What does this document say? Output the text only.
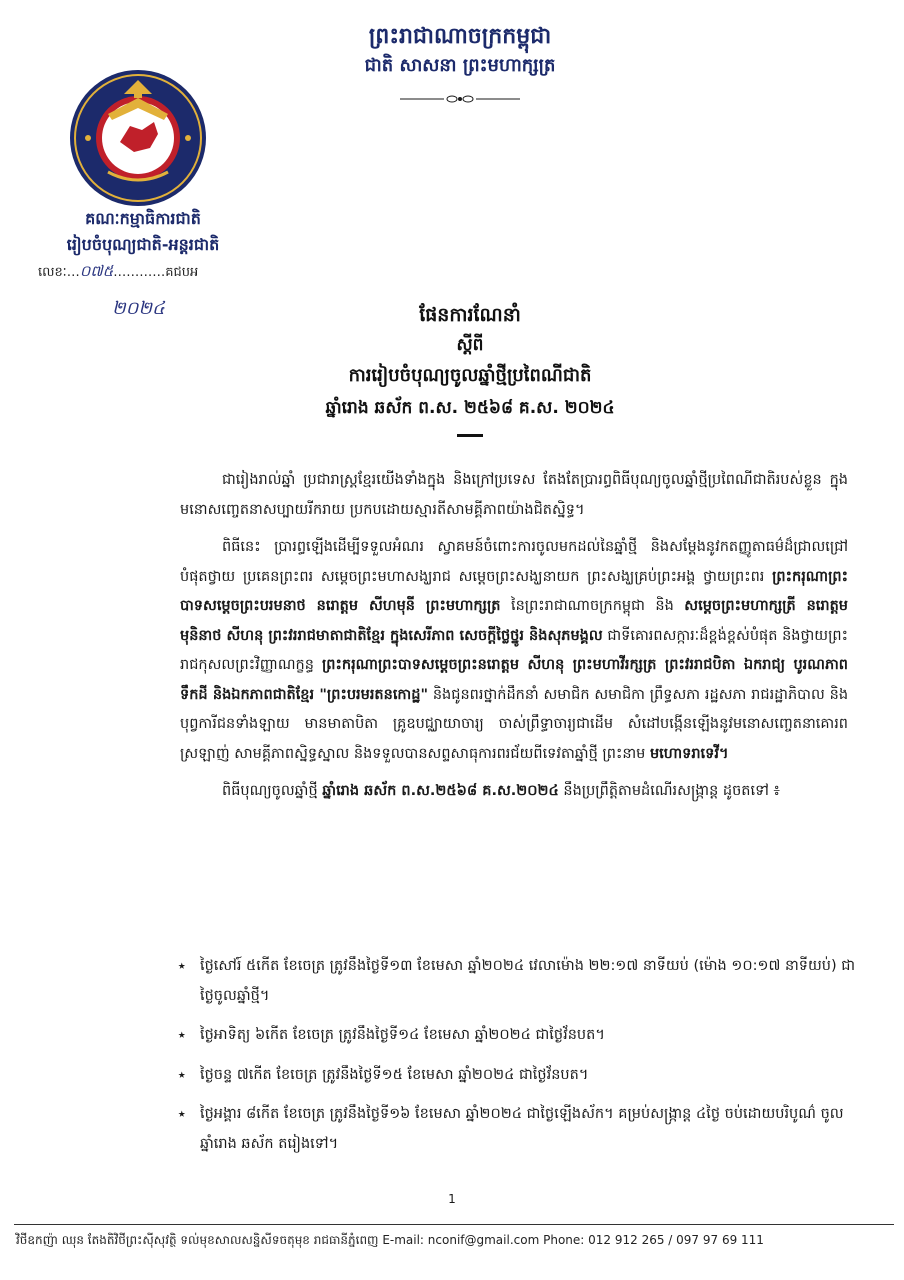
ព្រះរាជាណាចក្រកម្ពុជា
ជាតិ សាសនា ព្រះមហាក្សត្រ
គណៈកម្មាធិការជាតិ
រៀបចំបុណ្យជាតិ-អន្តរជាតិ
លេខៈ…០៧៥…………គជបអ
២០២៤	ផែនការណែនាំ
ស្តីពី
ការរៀបចំបុណ្យចូលឆ្នាំថ្មីប្រពៃណីជាតិ
ឆ្នាំរោង ឆស័ក ព.ស. ២៥៦៨ គ.ស. ២០២៤

ជារៀងរាល់ឆ្នាំ ប្រជារាស្ត្រខ្មែរយើងទាំងក្នុង និងក្រៅប្រទេស តែងតែប្រារព្ធពិធីបុណ្យចូលឆ្នាំថ្មីប្រពៃណីជាតិរបស់ខ្លួន ក្នុងមនោសញ្ចេតនាសប្បាយរីករាយ ប្រកបដោយស្មារតីសាមគ្គីភាពយ៉ាងជិតស្និទ្ធ។

ពិធីនេះ ប្រារព្ធឡើងដើម្បីទទួលអំណរ ស្វាគមន៍ចំពោះការចូលមកដល់នៃឆ្នាំថ្មី និងសម្តែងនូវកតញ្ញូតាធម៌ដ៏ជ្រាលជ្រៅបំផុតថ្វាយ ប្រគេនព្រះពរ សម្តេចព្រះមហាសង្ឃរាជ សម្តេចព្រះសង្ឃនាយក ព្រះសង្ឃគ្រប់ព្រះអង្គ ថ្វាយព្រះពរ ព្រះករុណាព្រះបាទសម្តេចព្រះបរមនាថ នរោត្តម សីហមុនី ព្រះមហាក្សត្រ នៃព្រះរាជាណាចក្រកម្ពុជា និង សម្តេចព្រះមហាក្សត្រី នរោត្តម មុនិនាថ សីហនុ ព្រះវររាជមាតាជាតិខ្មែរ ក្នុងសេរីភាព សេចក្តីថ្លៃថ្នូរ និងសុភមង្គល ជាទីគោរពសក្ការៈដ៏ខ្ពង់ខ្ពស់បំផុត និងថ្វាយព្រះរាជកុសលព្រះវិញ្ញាណក្ខន្ធ ព្រះករុណាព្រះបាទសម្តេចព្រះនរោត្តម សីហនុ ព្រះមហាវីរក្សត្រ ព្រះវររាជបិតា ឯករាជ្យ បូរណភាពទឹកដី និងឯកភាពជាតិខ្មែរ "ព្រះបរមរតនកោដ្ឋ" និងជូនពរថ្នាក់ដឹកនាំ សមាជិក សមាជិកា ព្រឹទ្ធសភា រដ្ឋសភា រាជរដ្ឋាភិបាល និងបុព្វការីជនទាំងឡាយ មានមាតាបិតា គ្រូឧបជ្ឈាយាចារ្យ ចាស់ព្រឹទ្ធាចារ្យជាដើម សំដៅបង្កើនឡើងនូវមនោសញ្ចេតនាគោរពស្រឡាញ់ សាមគ្គីភាពស្និទ្ធស្នាល និងទទួលបានសព្ទសាធុការពរជ័យពីទេវតាឆ្នាំថ្មី ព្រះនាម មហោទរាទេវី។

ពិធីបុណ្យចូលឆ្នាំថ្មី ឆ្នាំរោង ឆស័ក ព.ស.២៥៦៨ គ.ស.២០២៤ នឹងប្រព្រឹត្តិតាមដំណើរសង្ក្រាន្ត ដូចតទៅ ៖

⭑ ថ្ងៃសៅរ៍ ៥កើត ខែចេត្រ ត្រូវនឹងថ្ងៃទី១៣ ខែមេសា ឆ្នាំ២០២៤ វេលាម៉ោង ២២:១៧ នាទីយប់ (ម៉ោង ១០:១៧ នាទីយប់) ជាថ្ងៃចូលឆ្នាំថ្មី។
⭑ ថ្ងៃអាទិត្យ ៦កើត ខែចេត្រ ត្រូវនឹងថ្ងៃទី១៤ ខែមេសា ឆ្នាំ២០២៤ ជាថ្ងៃវ័នបត។
⭑ ថ្ងៃចន្ទ ៧កើត ខែចេត្រ ត្រូវនឹងថ្ងៃទី១៥ ខែមេសា ឆ្នាំ២០២៤ ជាថ្ងៃវ័នបត។
⭑ ថ្ងៃអង្គារ ៨កើត ខែចេត្រ ត្រូវនឹងថ្ងៃទី១៦ ខែមេសា ឆ្នាំ២០២៤ ជាថ្ងៃឡើងស័ក។ គម្រប់សង្ក្រាន្ត ៤ថ្ងៃ ចប់ដោយបរិបូណ៌ ចូលឆ្នាំរោង ឆស័ក តរៀងទៅ។
1
វិថីឧកញ៉ា ឈុន តែងតិវិថីព្រះស៊ីសុវត្ថិ ទល់មុខសាលសន្និសីទចតុមុខ រាជធានីភ្នំពេញ E-mail: nconif@gmail.com Phone: 012 912 265 / 097 97 69 111
